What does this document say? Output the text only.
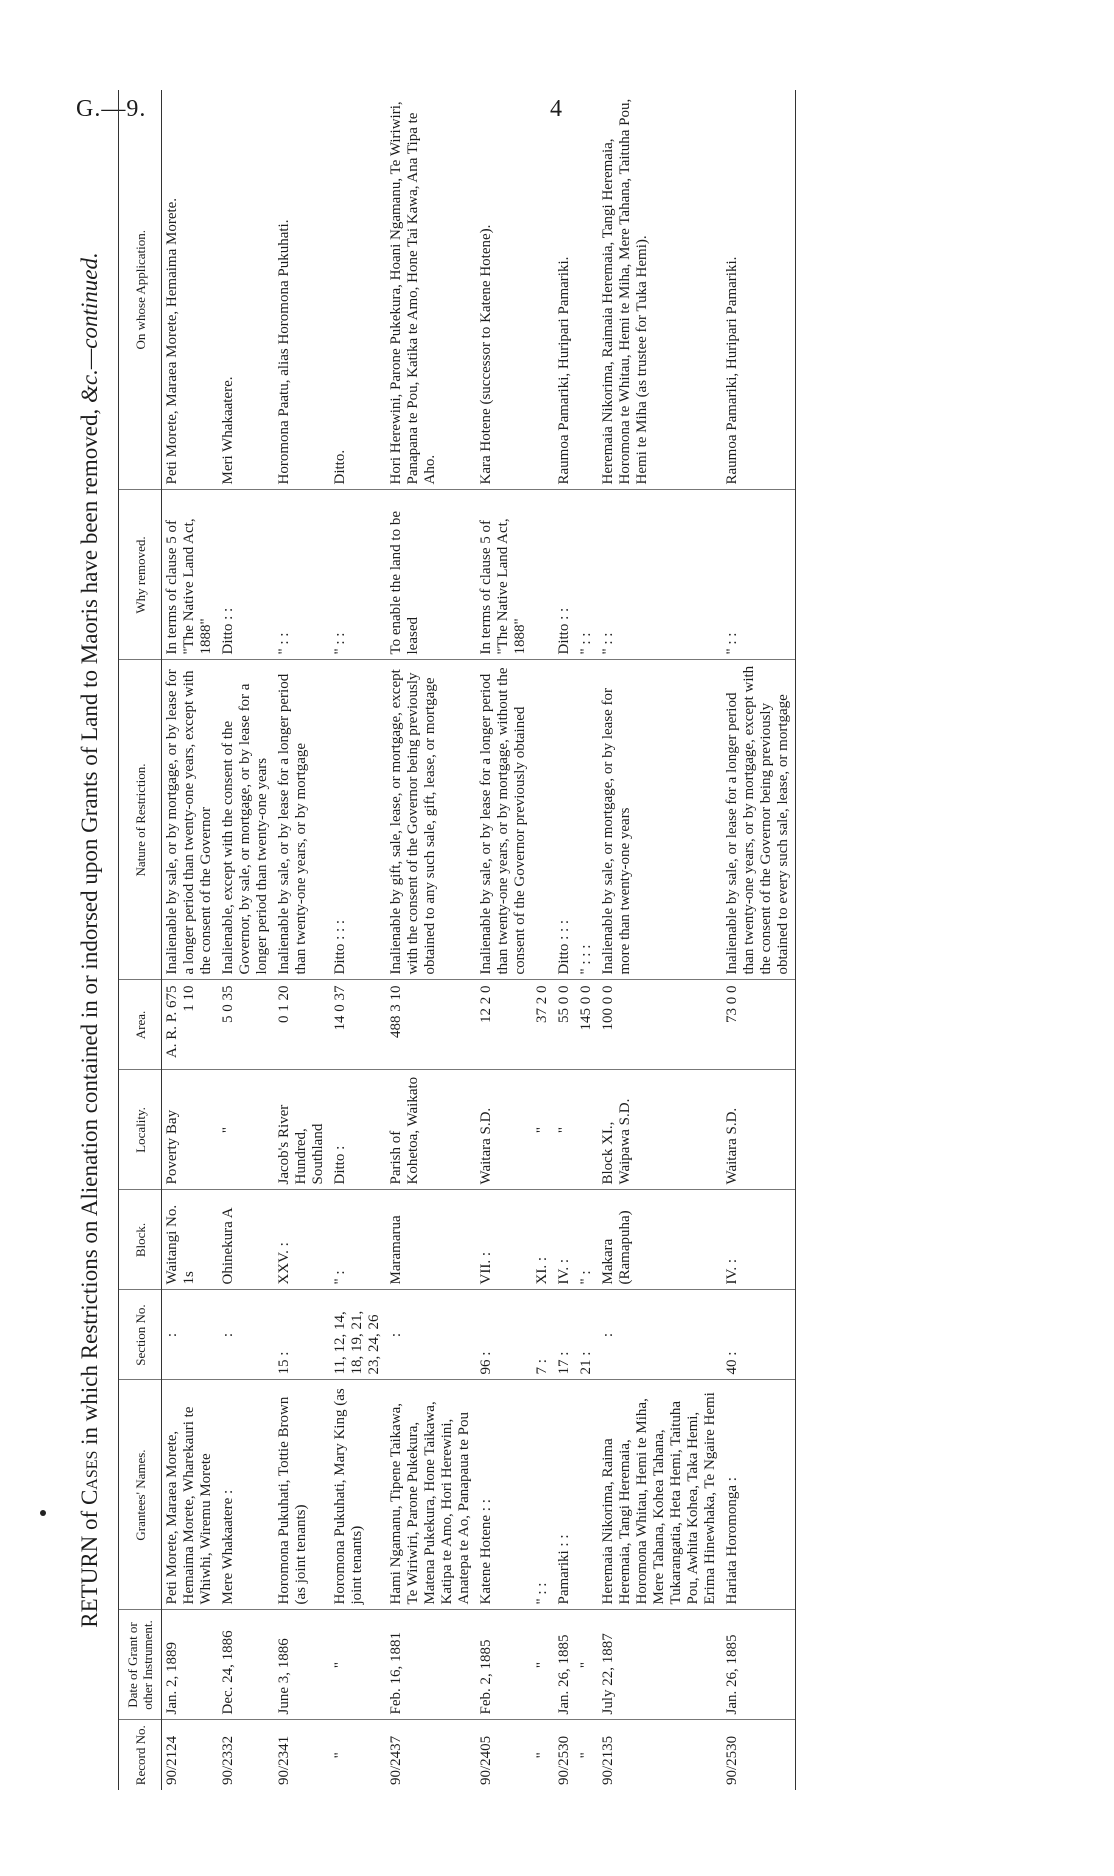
G.—9.	4
RETURN of Cases in which Restrictions on Alienation contained in or indorsed upon Grants of Land to Maoris have been removed, &c.—continued.
Record No.	Date of Grant or other Instrument.	Grantees' Names.	Section No.	Block.	Locality.	Area.	Nature of Restriction.	Why removed.	On whose Application.
90/2124	Jan. 2, 1889	Peti Morete, Maraea Morete, Hemaima Morete, Wharekauri te Whiwhi, Wiremu Morete	:	Waitangi No. 1s	Poverty Bay	A. R. P. 675 1 10	Inalienable by sale, or by mortgage, or by lease for a longer period than twenty-one years, except with the consent of the Governor	In terms of clause 5 of "The Native Land Act, 1888"	Peti Morete, Maraea Morete, Hemaima Morete.
90/2332	Dec. 24, 1886	Mere Whakaatere :	:	Ohinekura A	"	5 0 35	Inalienable, except with the consent of the Governor, by sale, or mortgage, or by lease for a longer period than twenty-one years	Ditto : :	Meri Whakaatere.
90/2341	June 3, 1886	Horomona Pukuhati, Tottie Brown (as joint tenants)	15 :	XXV. :	Jacob's River Hundred, Southland	0 1 20	Inalienable by sale, or by lease for a longer period than twenty-one years, or by mortgage	" : :	Horomona Paatu, alias Horomona Pukuhati.
"	"	Horomona Pukuhati, Mary King (as joint tenants)	11, 12, 14, 18, 19, 21, 23, 24, 26	" :	Ditto :	14 0 37	Ditto : : :	" : :	Ditto.
90/2437	Feb. 16, 1881	Hami Ngamanu, Tipene Taikawa, Te Wiriwiri, Parone Pukekura, Matena Pukekura, Hone Taikawa, Katipa te Amo, Hori Herewini, Anatepa te Ao, Panapaua te Pou	:	Maramarua	Parish of Kohetoa, Waikato	488 3 10	Inalienable by gift, sale, lease, or mortgage, except with the consent of the Governor being previously obtained to any such sale, gift, lease, or mortgage	To enable the land to be leased	Hori Herewini, Parone Pukekura, Hoani Ngamanu, Te Wiriwiri, Panapana te Pou, Katika te Amo, Hone Tai Kawa, Ana Tipa te Aho.
90/2405	Feb. 2, 1885	Katene Hotene : :	96 :	VII. :	Waitara S.D.	12 2 0	Inalienable by sale, or by lease for a longer period than twenty-one years, or by mortgage, without the consent of the Governor previously obtained	In terms of clause 5 of "The Native Land Act, 1888"	Kara Hotene (successor to Katene Hotene).
"	"	" : :	7 :	XI. :	"	37 2 0			
90/2530	Jan. 26, 1885	Pamariki : :	17 :	IV. :	"	55 0 0	Ditto : : :	Ditto : :	Raumoa Pamariki, Huripari Pamariki.
"	"		21 :	" :		145 0 0	" : : :	" : :	
90/2135	July 22, 1887	Heremaia Nikorima, Raima Heremaia, Tangi Heremaia, Horomona Whitau, Hemi te Miha, Mere Tahana, Kohea Tahana, Tukarangatia, Heta Hemi, Taituha Pou, Awhita Kohea, Taka Hemi, Erima Hinewhaka, Te Ngaire Hemi	:	Makara (Ramapuha)	Block XI., Waipawa S.D.	100 0 0	Inalienable by sale, or mortgage, or by lease for more than twenty-one years	" : :	Heremaia Nikorima, Raimaia Heremaia, Tangi Heremaia, Horomona te Whitau, Hemi te Miha, Mere Tahana, Taituha Pou, Hemi te Miha (as trustee for Tuka Hemi).
90/2530	Jan. 26, 1885	Hariata Horomonga :	40 :	IV. :	Waitara S.D.	73 0 0	Inalienable by sale, or lease for a longer period than twenty-one years, or by mortgage, except with the consent of the Governor being previously obtained to every such sale, lease, or mortgage	" : :	Raumoa Pamariki, Huripari Pamariki.
